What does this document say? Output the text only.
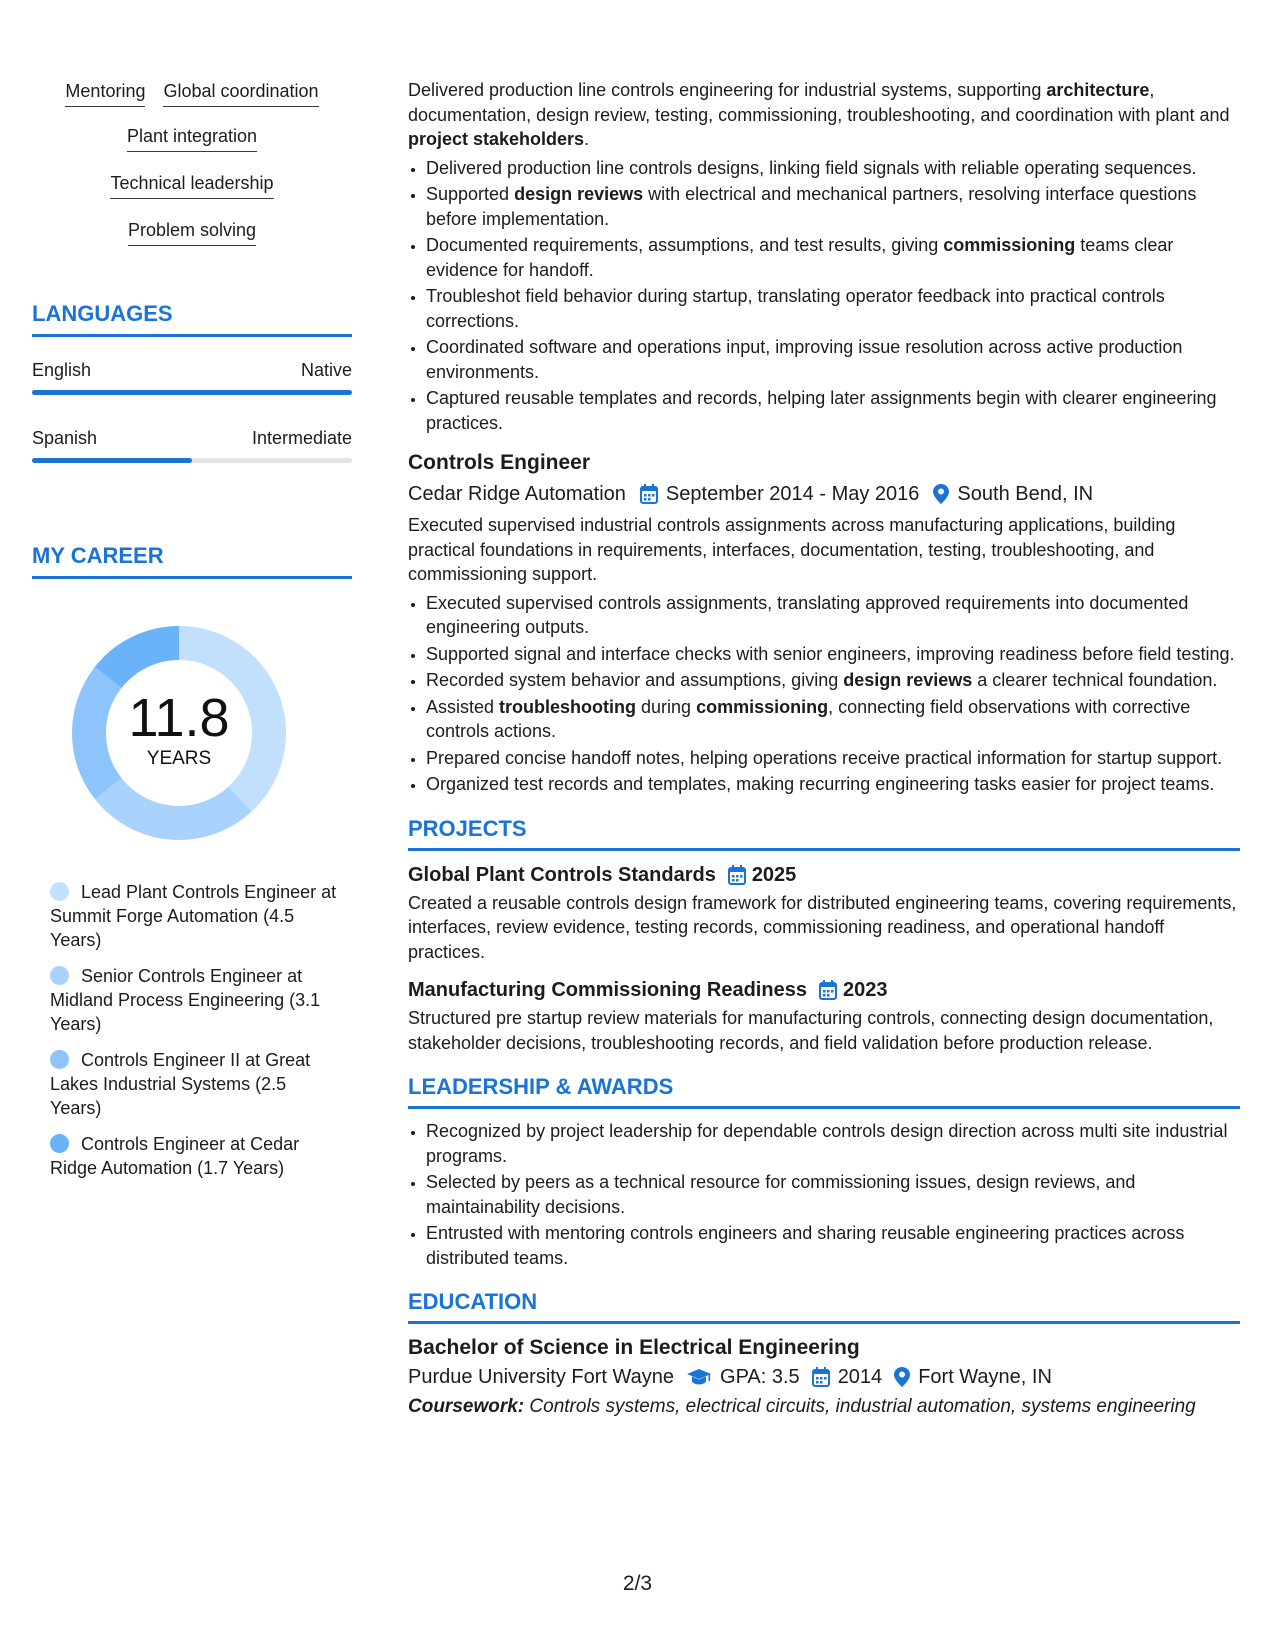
Mentoring Global coordination
Plant integration
Technical leadership
Problem solving
LANGUAGES
English	Native
Spanish	Intermediate
MY CAREER
11.8
YEARS
Lead Plant Controls Engineer at Summit Forge Automation (4.5 Years)
Senior Controls Engineer at Midland Process Engineering (3.1 Years)
Controls Engineer II at Great Lakes Industrial Systems (2.5 Years)
Controls Engineer at Cedar Ridge Automation (1.7 Years)

Delivered production line controls engineering for industrial systems, supporting architecture, documentation, design review, testing, commissioning, troubleshooting, and coordination with plant and project stakeholders.

• Delivered production line controls designs, linking field signals with reliable operating sequences.
• Supported design reviews with electrical and mechanical partners, resolving interface questions before implementation.
• Documented requirements, assumptions, and test results, giving commissioning teams clear evidence for handoff.
• Troubleshot field behavior during startup, translating operator feedback into practical controls corrections.
• Coordinated software and operations input, improving issue resolution across active production environments.
• Captured reusable templates and records, helping later assignments begin with clearer engineering practices.
Controls Engineer
Cedar Ridge Automation September 2014 - May 2016 South Bend, IN

Executed supervised industrial controls assignments across manufacturing applications, building practical foundations in requirements, interfaces, documentation, testing, troubleshooting, and commissioning support.

• Executed supervised controls assignments, translating approved requirements into documented engineering outputs.
• Supported signal and interface checks with senior engineers, improving readiness before field testing.
• Recorded system behavior and assumptions, giving design reviews a clearer technical foundation.
• Assisted troubleshooting during commissioning, connecting field observations with corrective controls actions.
• Prepared concise handoff notes, helping operations receive practical information for startup support.
• Organized test records and templates, making recurring engineering tasks easier for project teams.
PROJECTS
Global Plant Controls Standards 2025

Created a reusable controls design framework for distributed engineering teams, covering requirements, interfaces, review evidence, testing records, commissioning readiness, and operational handoff practices.

Manufacturing Commissioning Readiness 2023

Structured pre startup review materials for manufacturing controls, connecting design documentation, stakeholder decisions, troubleshooting records, and field validation before production release.

LEADERSHIP & AWARDS
• Recognized by project leadership for dependable controls design direction across multi site industrial programs.
• Selected by peers as a technical resource for commissioning issues, design reviews, and maintainability decisions.
• Entrusted with mentoring controls engineers and sharing reusable engineering practices across distributed teams.
EDUCATION
Bachelor of Science in Electrical Engineering
Purdue University Fort Wayne GPA: 3.5 2014 Fort Wayne, IN

Coursework: Controls systems, electrical circuits, industrial automation, systems engineering

2/3
